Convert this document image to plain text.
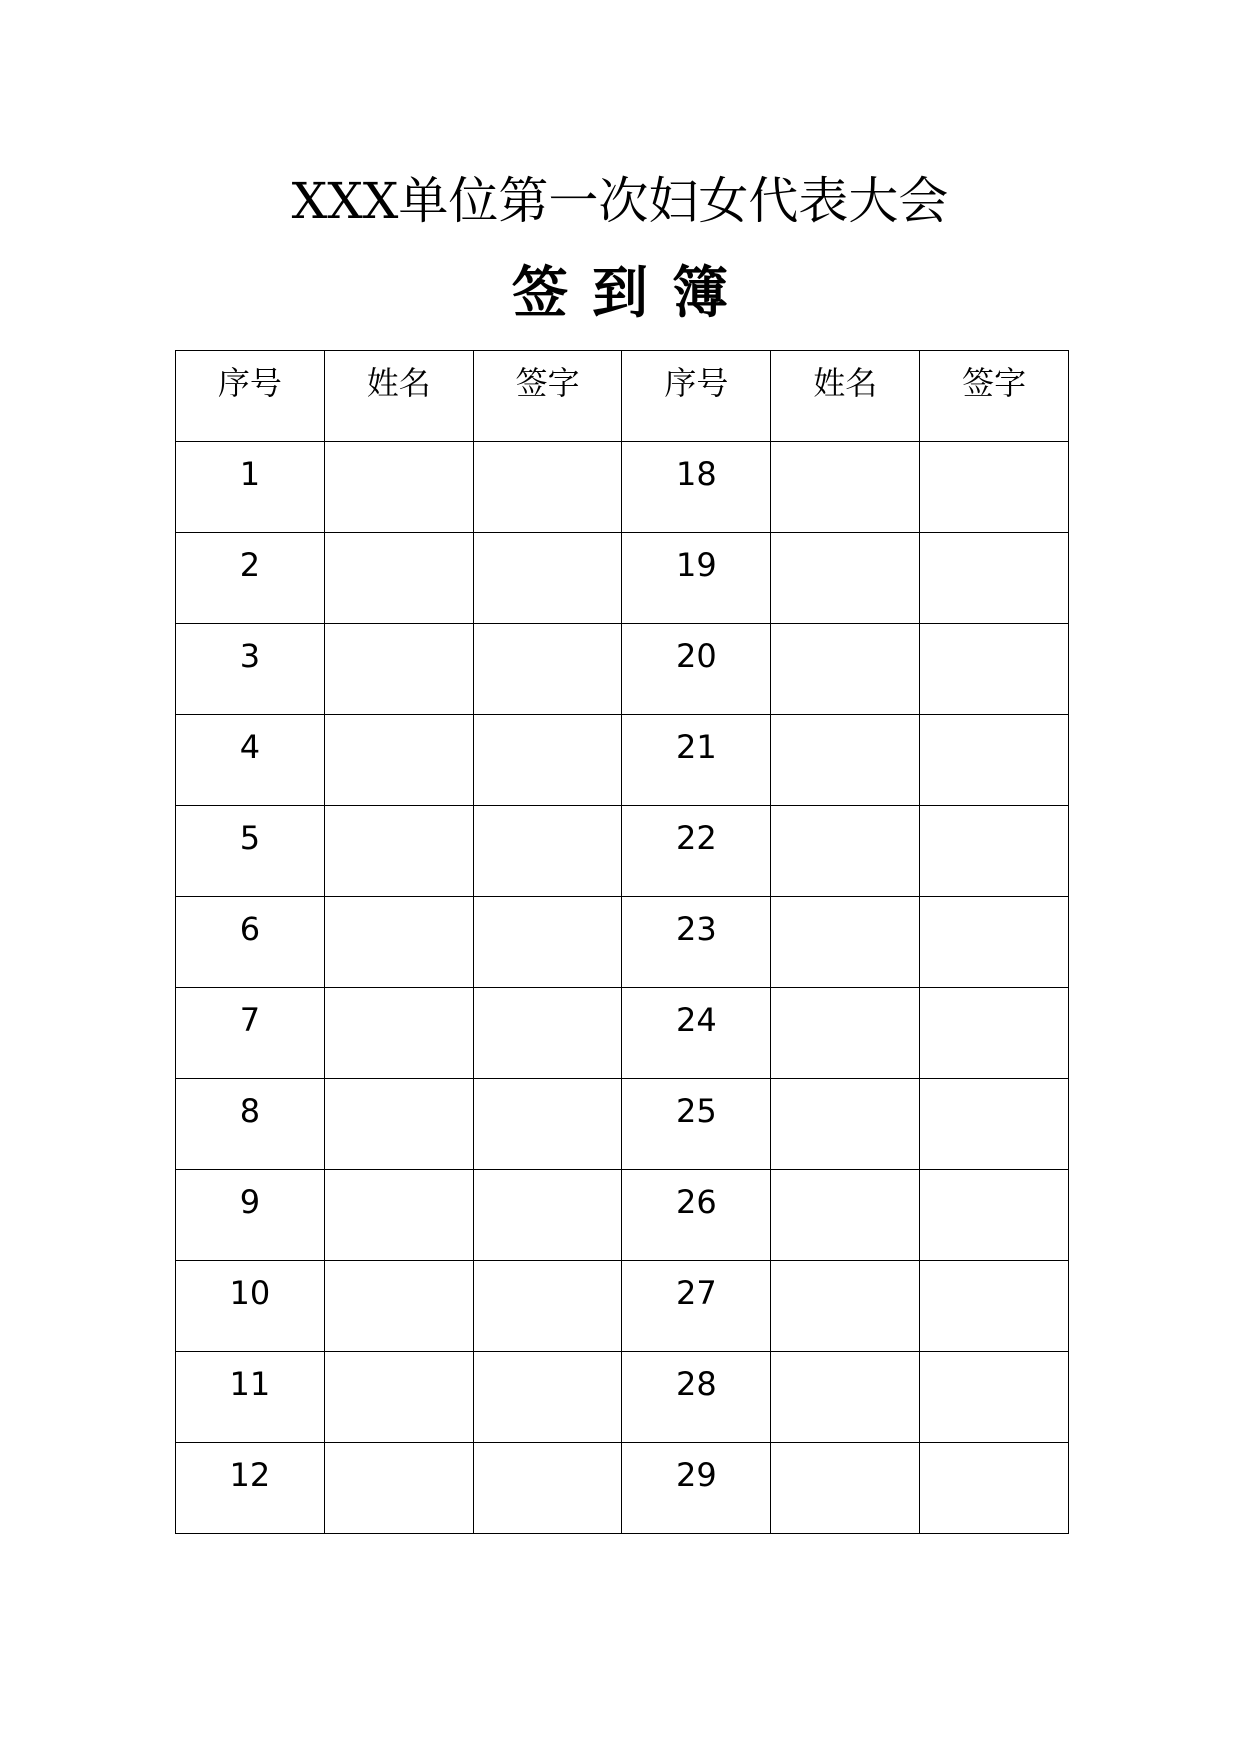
XXX单位第一次妇女代表大会
签到簿
序号	姓名	签字	序号	姓名	签字

1			18		

2			19		

3			20		

4			21		

5			22		

6			23		

7			24		

8			25		

9			26		

10			27		

11			28		

12			29		
